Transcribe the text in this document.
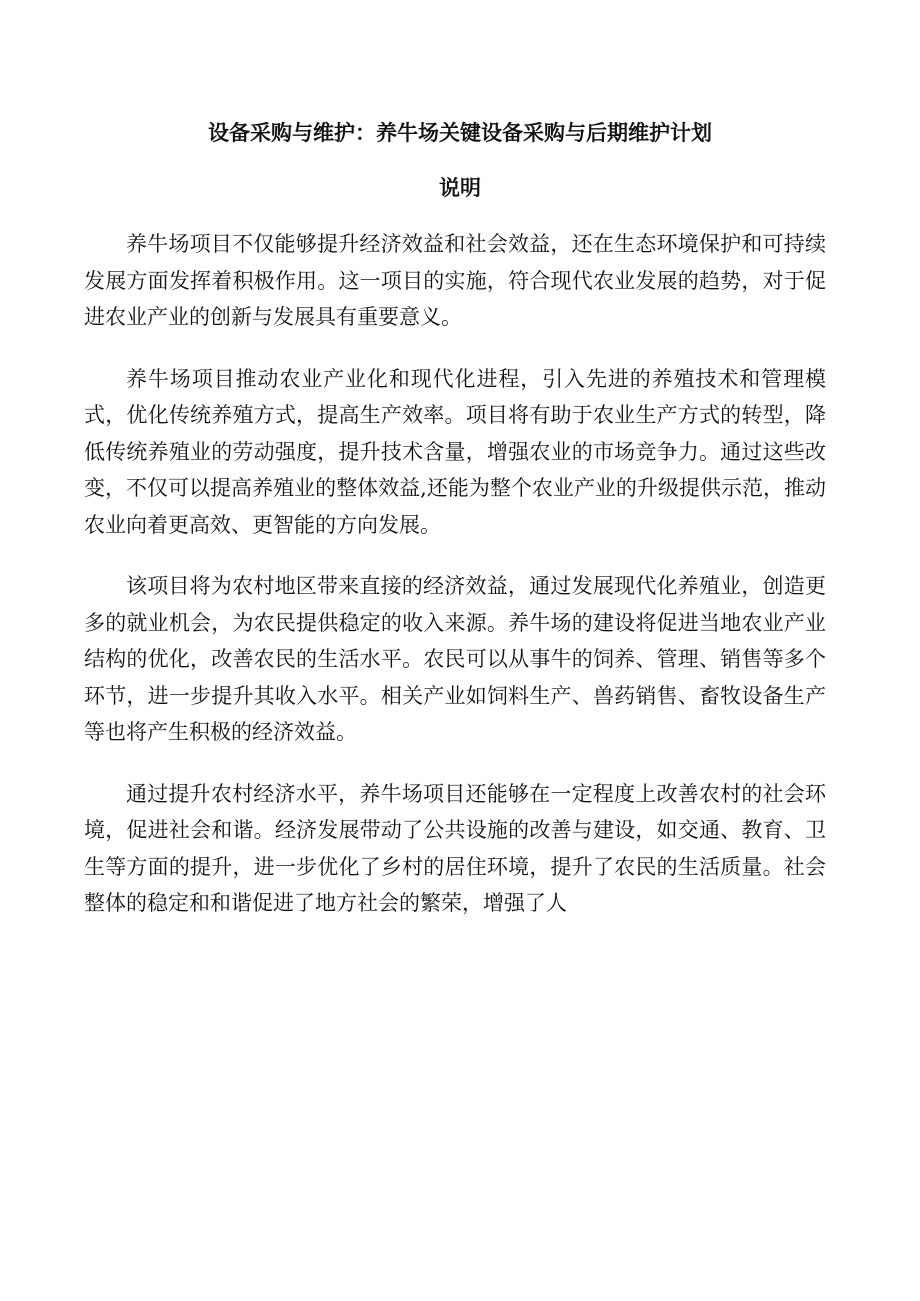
设备采购与维护：养牛场关键设备采购与后期维护计划
说明

养牛场项目不仅能够提升经济效益和社会效益，还在生态环境保护和可持续发展方面发挥着积极作用。这一项目的实施，符合现代农业发展的趋势，对于促进农业产业的创新与发展具有重要意义。

养牛场项目推动农业产业化和现代化进程，引入先进的养殖技术和管理模式，优化传统养殖方式，提高生产效率。项目将有助于农业生产方式的转型，降低传统养殖业的劳动强度，提升技术含量，增强农业的市场竞争力。通过这些改变，不仅可以提高养殖业的整体效益,还能为整个农业产业的升级提供示范，推动农业向着更高效、更智能的方向发展。

该项目将为农村地区带来直接的经济效益，通过发展现代化养殖业，创造更多的就业机会，为农民提供稳定的收入来源。养牛场的建设将促进当地农业产业结构的优化，改善农民的生活水平。农民可以从事牛的饲养、管理、销售等多个环节，进一步提升其收入水平。相关产业如饲料生产、兽药销售、畜牧设备生产等也将产生积极的经济效益。

通过提升农村经济水平，养牛场项目还能够在一定程度上改善农村的社会环境，促进社会和谐。经济发展带动了公共设施的改善与建设，如交通、教育、卫生等方面的提升，进一步优化了乡村的居住环境，提升了农民的生活质量。社会整体的稳定和和谐促进了地方社会的繁荣，增强了人
